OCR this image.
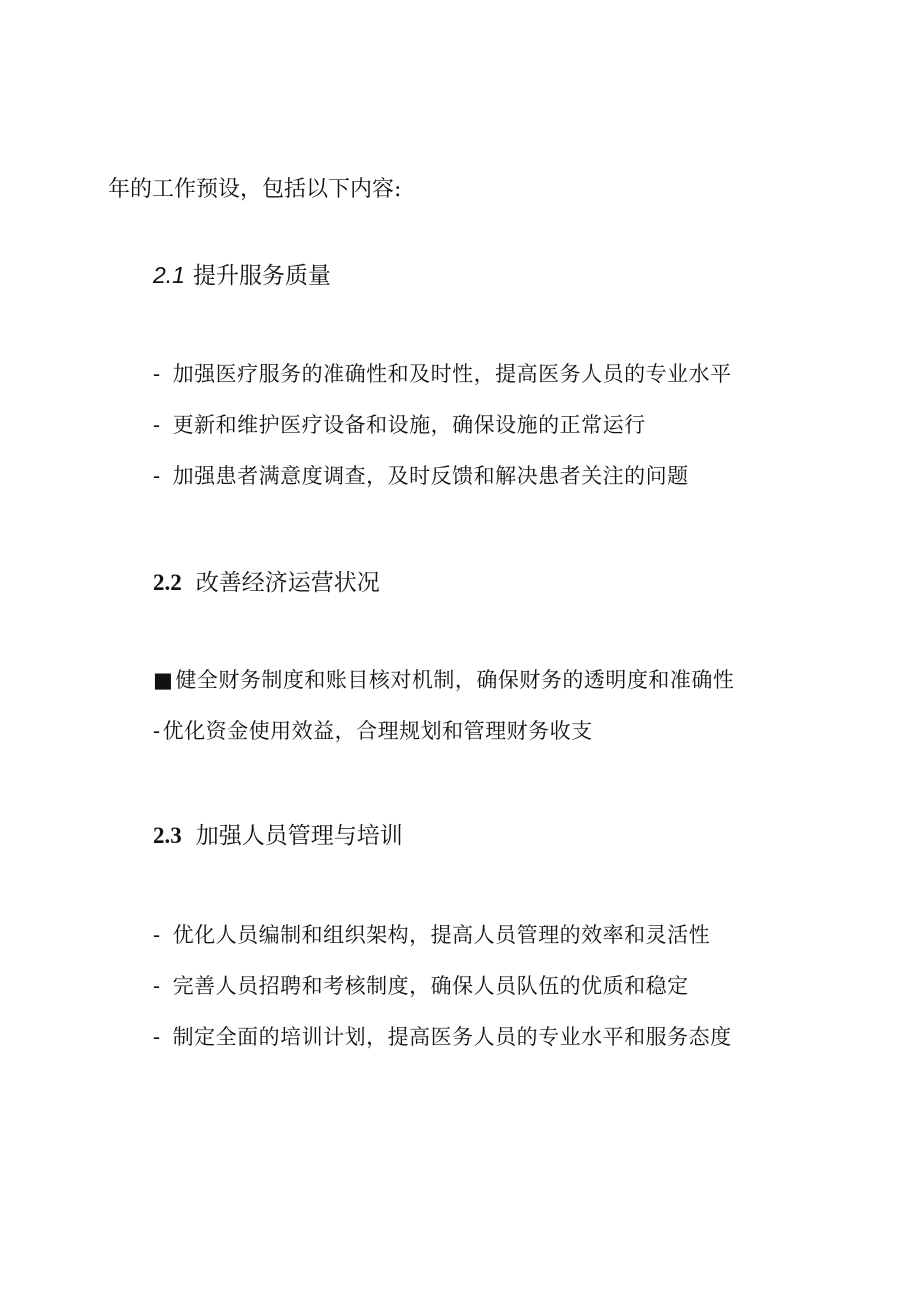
年的工作预设，包括以下内容:
2.1 提升服务质量
- 加强医疗服务的准确性和及时性，提高医务人员的专业水平
- 更新和维护医疗设备和设施，确保设施的正常运行
- 加强患者满意度调查，及时反馈和解决患者关注的问题
2.2 改善经济运营状况
■健全财务制度和账目核对机制，确保财务的透明度和准确性
-优化资金使用效益，合理规划和管理财务收支
2.3 加强人员管理与培训
- 优化人员编制和组织架构，提高人员管理的效率和灵活性
- 完善人员招聘和考核制度，确保人员队伍的优质和稳定
- 制定全面的培训计划，提高医务人员的专业水平和服务态度
